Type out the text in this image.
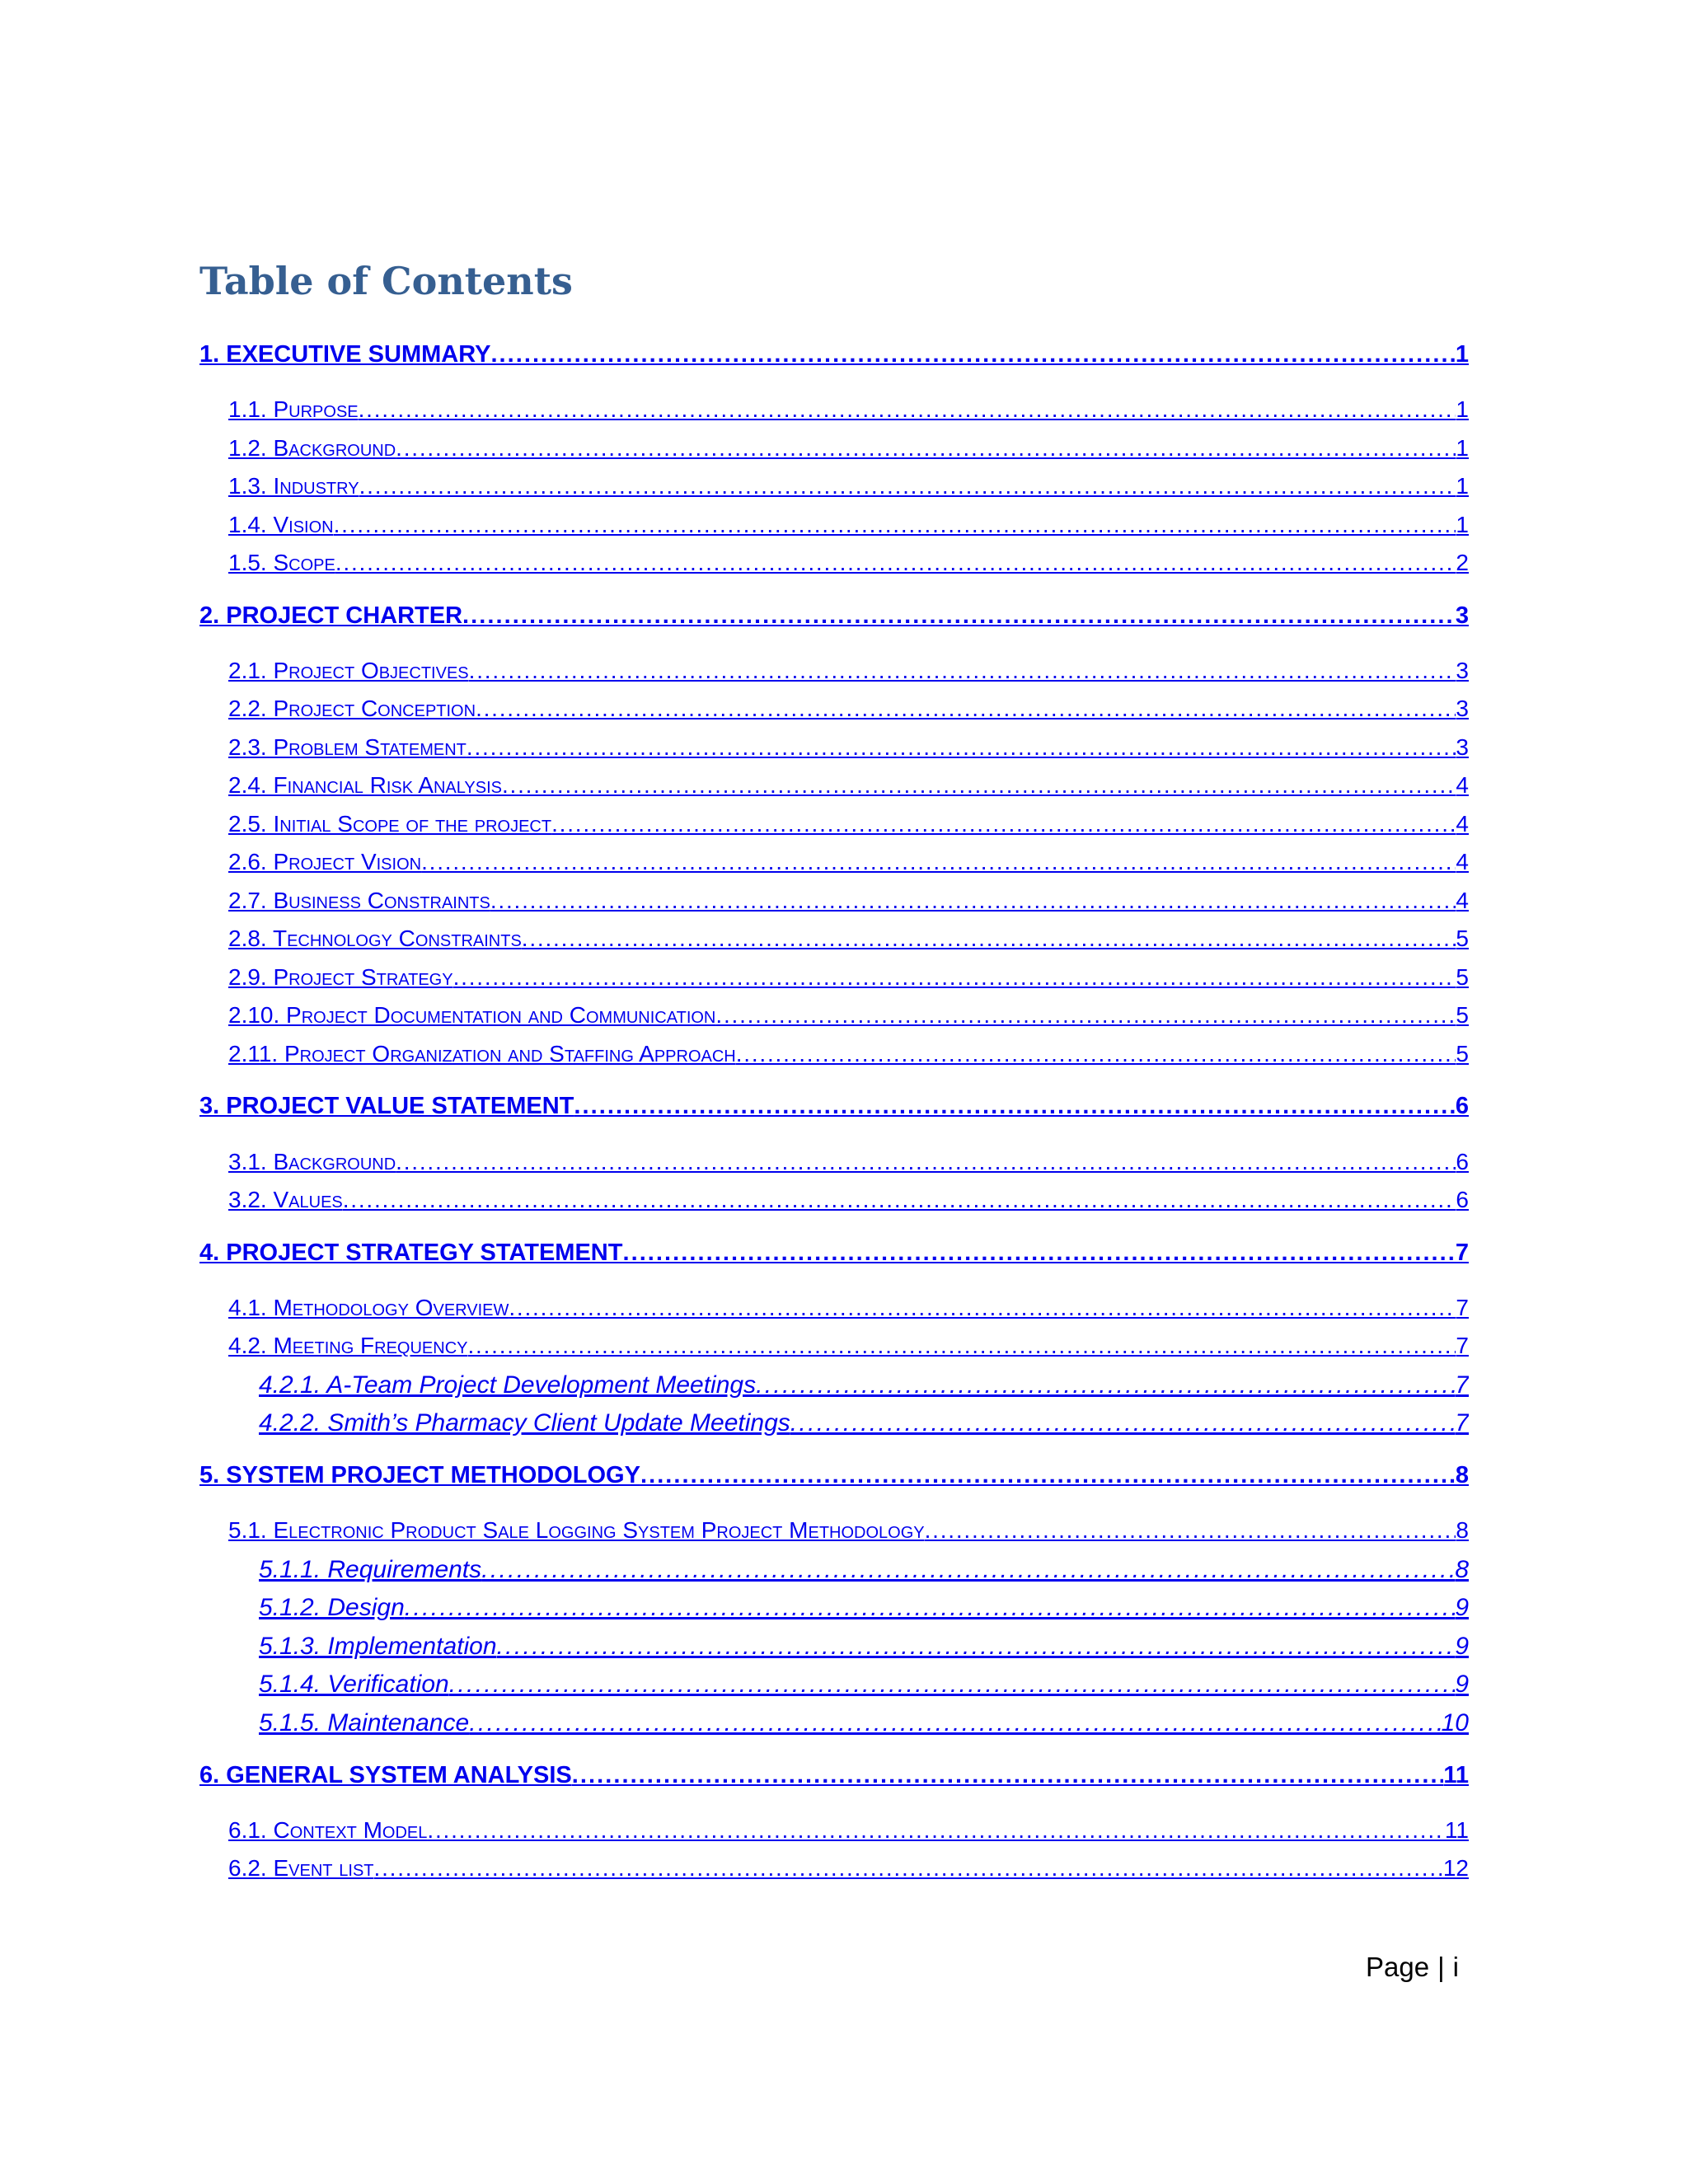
Table of Contents
1. EXECUTIVE SUMMARY . . .	1
1.1. Purpose . . .	1
1.2. Background . . .	1
1.3. Industry . . .	1
1.4. Vision . . .	1
1.5. Scope . . .	2
2. PROJECT CHARTER . . .	3
2.1. Project Objectives . . .	3
2.2. Project Conception . . .	3
2.3. Problem Statement . . .	3
2.4. Financial Risk Analysis . . .	4
2.5. Initial Scope of the project . . .	4
2.6. Project Vision . . .	4
2.7. Business Constraints . . .	4
2.8. Technology Constraints . . .	5
2.9. Project Strategy . . .	5
2.10. Project Documentation and Communication . . .	5
2.11. Project Organization and Staffing Approach . . .	5
3. PROJECT VALUE STATEMENT . . .	6
3.1. Background . . .	6
3.2. Values . . .	6
4. PROJECT STRATEGY STATEMENT . . .	7
4.1. Methodology Overview . . .	7
4.2. Meeting Frequency . . .	7
4.2.1. A-Team Project Development Meetings . . .	7
4.2.2. Smith’s Pharmacy Client Update Meetings . . .	7
5. SYSTEM PROJECT METHODOLOGY . . .	8
5.1. Electronic Product Sale Logging System Project Methodology . . .	8
5.1.1. Requirements . . .	8
5.1.2. Design . . .	9
5.1.3. Implementation . . .	9
5.1.4. Verification . . .	9
5.1.5. Maintenance . . .	10
6. GENERAL SYSTEM ANALYSIS . . .	11
6.1. Context Model . . .	11
6.2. Event list . . .	12
Page | i
